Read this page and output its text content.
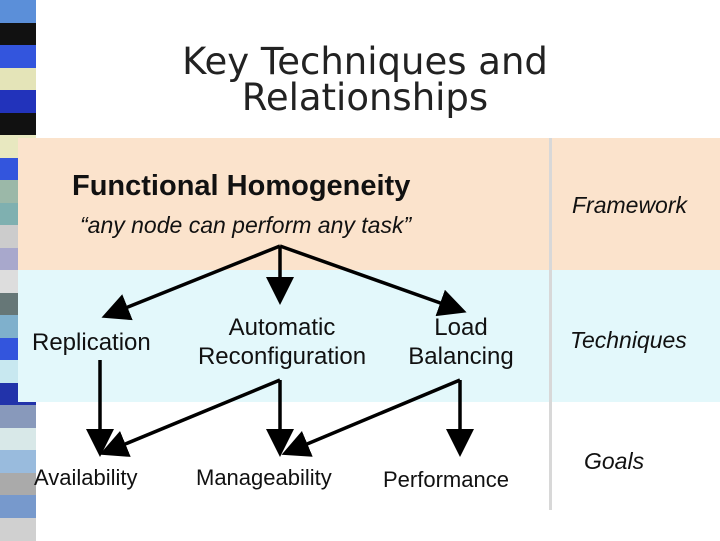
Key Techniques and
Relationships
Functional Homogeneity
“any node can perform any task”
Replication
Automatic
Reconfiguration
Load
Balancing
Availability	Manageability Performance
Framework
Techniques
Goals
